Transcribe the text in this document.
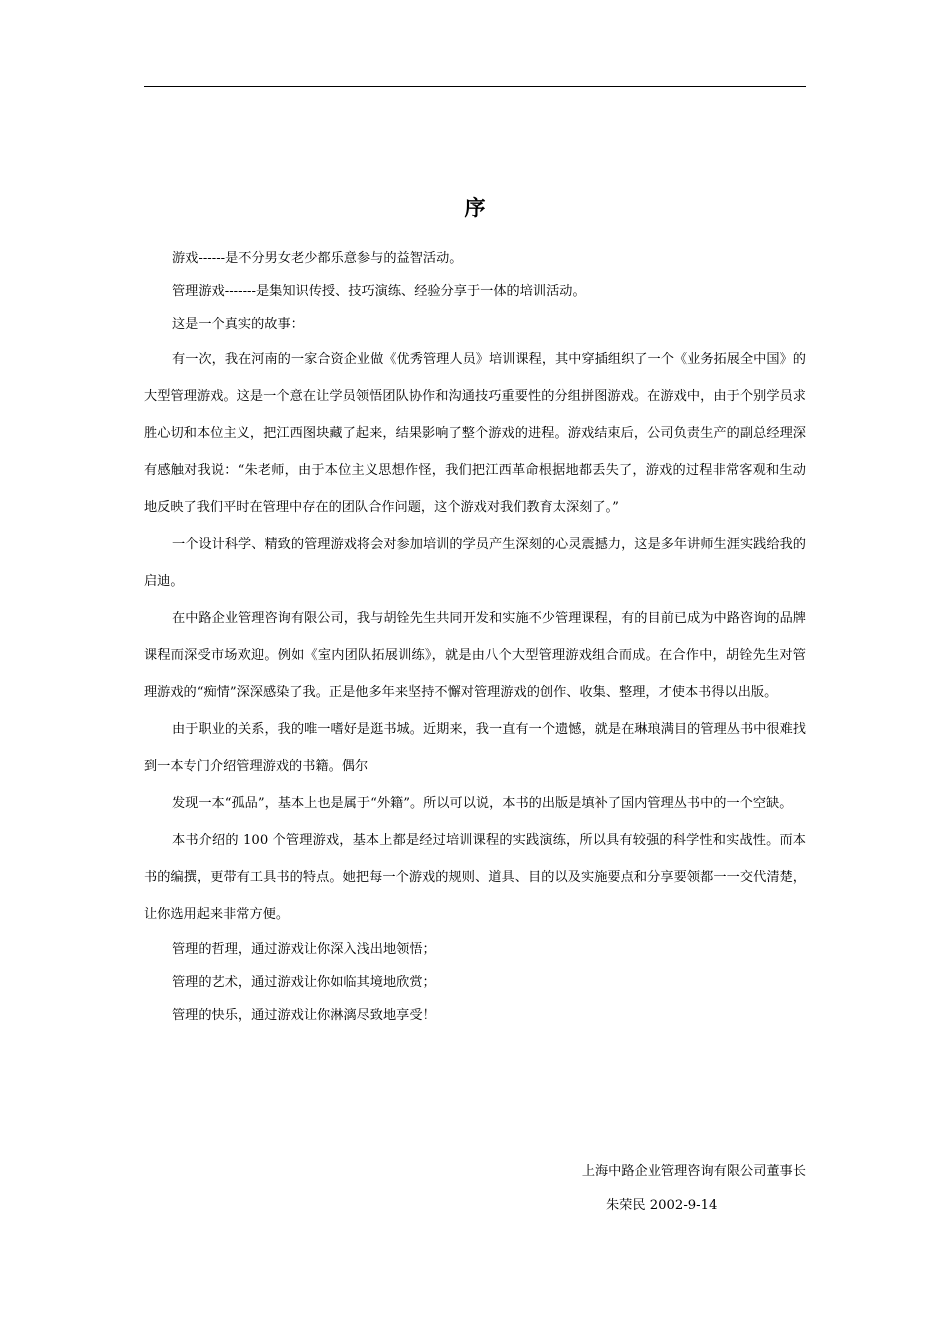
序

游戏------是不分男女老少都乐意参与的益智活动。

管理游戏-------是集知识传授、技巧演练、经验分享于一体的培训活动。

这是一个真实的故事：

有一次，我在河南的一家合资企业做《优秀管理人员》培训课程，其中穿插组织了一个《业务拓展全中国》的大型管理游戏。这是一个意在让学员领悟团队协作和沟通技巧重要性的分组拼图游戏。在游戏中，由于个别学员求胜心切和本位主义，把江西图块藏了起来，结果影响了整个游戏的进程。游戏结束后，公司负责生产的副总经理深有感触对我说：“朱老师，由于本位主义思想作怪，我们把江西革命根据地都丢失了，游戏的过程非常客观和生动地反映了我们平时在管理中存在的团队合作问题，这个游戏对我们教育太深刻了。”

一个设计科学、精致的管理游戏将会对参加培训的学员产生深刻的心灵震撼力，这是多年讲师生涯实践给我的启迪。

在中路企业管理咨询有限公司，我与胡铨先生共同开发和实施不少管理课程，有的目前已成为中路咨询的品牌课程而深受市场欢迎。例如《室内团队拓展训练》，就是由八个大型管理游戏组合而成。在合作中，胡铨先生对管理游戏的“痴情”深深感染了我。正是他多年来坚持不懈对管理游戏的创作、收集、整理，才使本书得以出版。

由于职业的关系，我的唯一嗜好是逛书城。近期来，我一直有一个遗憾，就是在琳琅满目的管理丛书中很难找到一本专门介绍管理游戏的书籍。偶尔

发现一本“孤品”，基本上也是属于“外籍”。所以可以说，本书的出版是填补了国内管理丛书中的一个空缺。

本书介绍的 100 个管理游戏，基本上都是经过培训课程的实践演练，所以具有较强的科学性和实战性。而本书的编撰，更带有工具书的特点。她把每一个游戏的规则、道具、目的以及实施要点和分享要领都一一交代清楚，让你选用起来非常方便。

管理的哲理，通过游戏让你深入浅出地领悟；

管理的艺术，通过游戏让你如临其境地欣赏；

管理的快乐，通过游戏让你淋漓尽致地享受！

上海中路企业管理咨询有限公司董事长
朱荣民 2002-9-14
